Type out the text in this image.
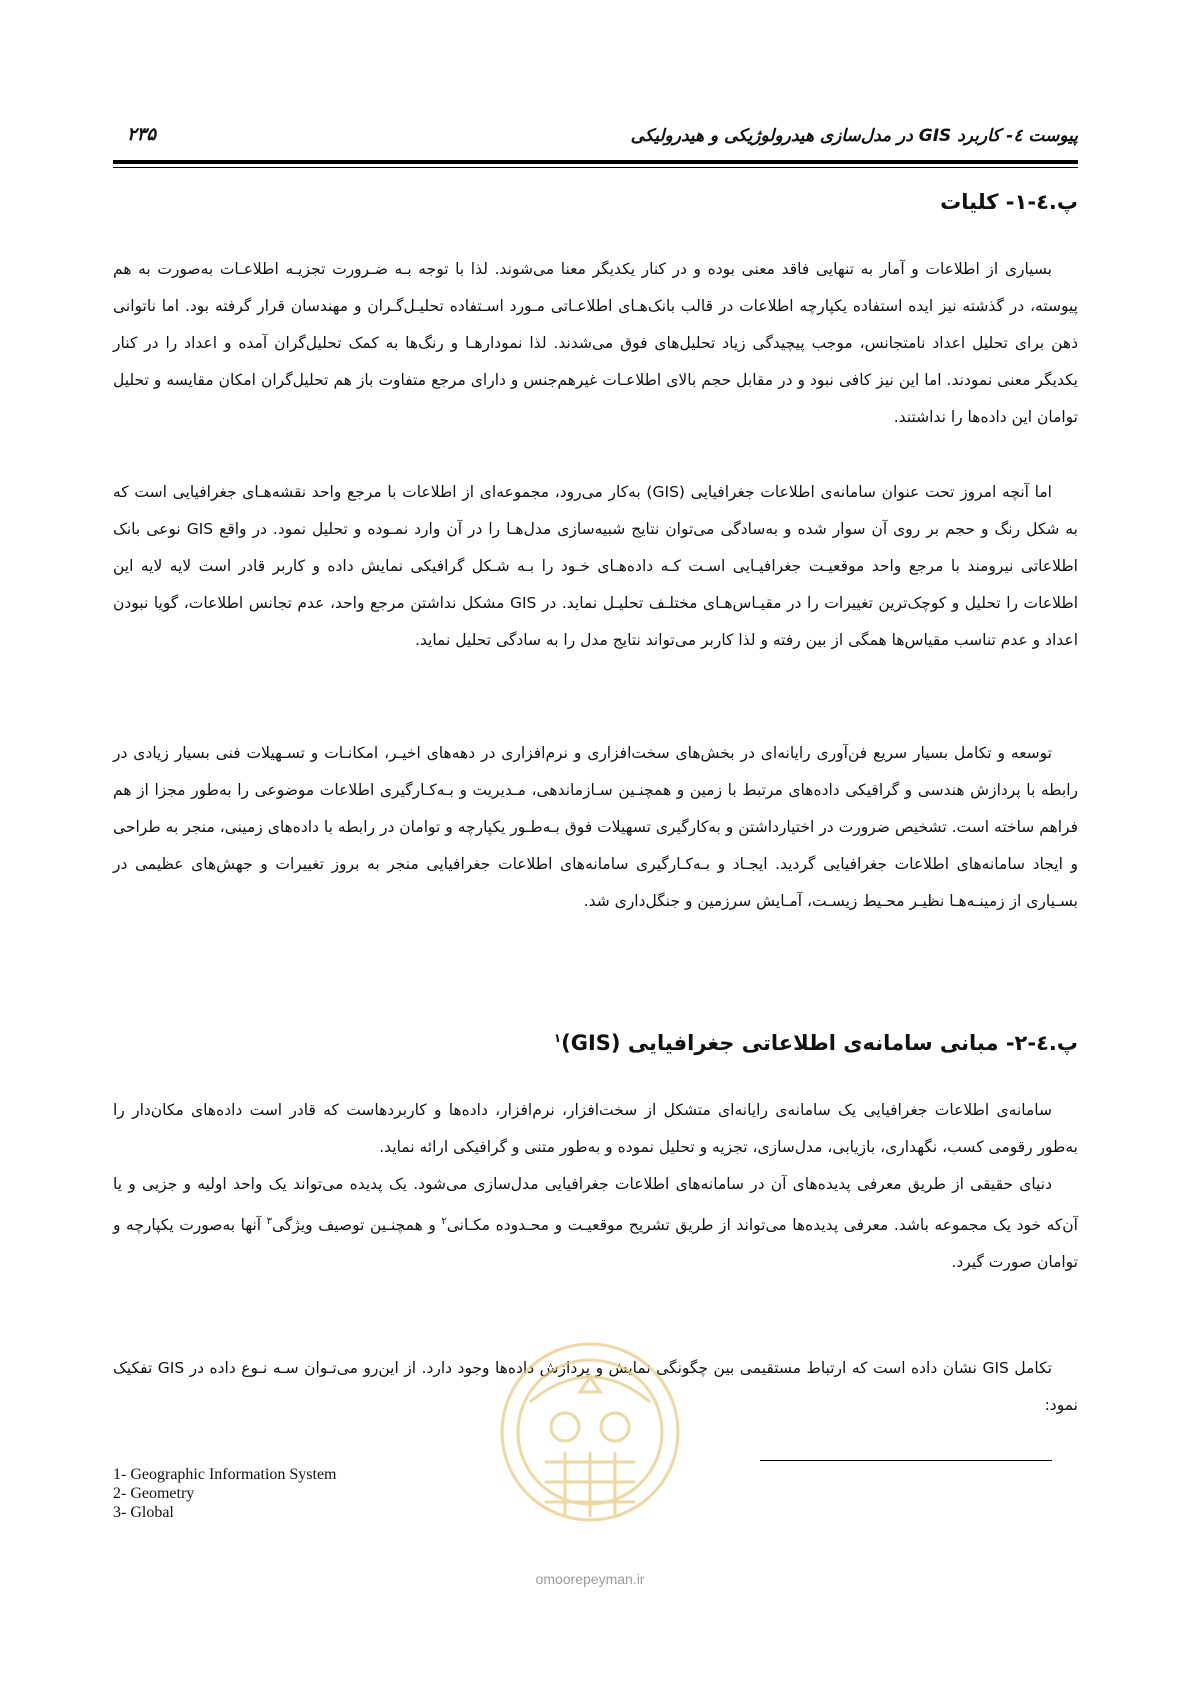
پیوست ٤- کاربرد GIS در مدل‌سازی هیدرولوژیکی و هیدرولیکی
۲۳۵
پ.٤-۱- کلیات
بسیاری از اطلاعات و آمار به تنهایی فاقد معنی بوده و در کنار یکدیگر معنا می‌شوند. لذا با توجه بـه ضـرورت تجزیـه اطلاعـات به‌صورت به هم پیوسته، در گذشته نیز ایده استفاده یکپارچه اطلاعات در قالب بانک‌هـای اطلاعـاتی مـورد اسـتفاده تحلیـل‌گـران و مهندسان قرار گرفته بود. اما ناتوانی ذهن برای تحلیل اعداد نامتجانس، موجب پیچیدگی زیاد تحلیل‌های فوق می‌شدند. لذا نمودارهـا و رنگ‌ها به کمک تحلیل‌گران آمده و اعداد را در کنار یکدیگر معنی نمودند. اما این نیز کافی نبود و در مقابل حجم بالای اطلاعـات غیرهم‌جنس و دارای مرجع متفاوت باز هم تحلیل‌گران امکان مقایسه و تحلیل توامان این داده‌ها را نداشتند.
اما آنچه امروز تحت عنوان سامانه‌ی اطلاعات جغرافیایی (GIS) به‌کار می‌رود، مجموعه‌ای از اطلاعات با مرجع واحد نقشه‌هـای جغرافیایی است که به شکل رنگ و حجم بر روی آن سوار شده و به‌سادگی می‌توان نتایج شبیه‌سازی مدل‌هـا را در آن وارد نمـوده و تحلیل نمود. در واقع GIS نوعی بانک اطلاعاتی نیرومند با مرجع واحد موقعیـت جغرافیـایی اسـت کـه داده‌هـای خـود را بـه شـکل گرافیکی نمایش داده و کاربر قادر است لایه لایه این اطلاعات را تحلیل و کوچک‌ترین تغییرات را در مقیـاس‌هـای مختلـف تحلیـل نماید. در GIS مشکل نداشتن مرجع واحد، عدم تجانس اطلاعات، گویا نبودن اعداد و عدم تناسب مقیاس‌ها همگی از بین رفته و لذا کاربر می‌تواند نتایج مدل را به سادگی تحلیل نماید.
توسعه و تکامل بسیار سریع فن‌آوری رایانه‌ای در بخش‌های سخت‌افزاری و نرم‌افزاری در دهه‌های اخیـر، امکانـات و تسـهیلات فنی بسیار زیادی در رابطه با پردازش هندسی و گرافیکی داده‌های مرتبط با زمین و همچنـین سـازماندهی، مـدیریت و بـه‌کـارگیری اطلاعات موضوعی را به‌طور مجزا از هم فراهم ساخته است. تشخیص ضرورت در اختیارداشتن و به‌کارگیری تسهیلات فوق بـه‌طـور یکپارچه و توامان در رابطه با داده‌های زمینی، منجر به طراحی و ایجاد سامانه‌های اطلاعات جغرافیایی گردید. ایجـاد و بـه‌کـارگیری سامانه‌های اطلاعات جغرافیایی منجر به بروز تغییرات و جهش‌های عظیمی در بسـیاری از زمینـه‌هـا نظیـر محـیط زیسـت، آمـایش سرزمین و جنگل‌داری شد.
پ.٤-۲- مبانی سامانه‌ی اطلاعاتی جغرافیایی (GIS)$^۱$
سامانه‌ی اطلاعات جغرافیایی یک سامانه‌ی رایانه‌ای متشکل از سخت‌افزار، نرم‌افزار، داده‌ها و کاربردهاست که قادر است داده‌های مکان‌دار را به‌طور رقومی کسب، نگهداری، بازیابی، مدل‌سازی، تجزیه و تحلیل نموده و به‌طور متنی و گرافیکی ارائه نماید.
دنیای حقیقی از طریق معرفی پدیده‌های آن در سامانه‌های اطلاعات جغرافیایی مدل‌سازی می‌شود. یک پدیده می‌تواند یک واحد اولیه و جزیی و یا آن‌که خود یک مجموعه باشد. معرفی پدیده‌ها می‌تواند از طریق تشریح موقعیـت و محـدوده مکـانی$^۲$ و همچنـین توصیف ویژگی$^۳$ آنها به‌صورت یکپارچه و توامان صورت گیرد.
تکامل GIS نشان داده است که ارتباط مستقیمی بین چگونگی نمایش و پردازش داده‌ها وجود دارد. از این‌رو می‌تـوان سـه نـوع داده در GIS تفکیک نمود:
omoorepeyman.ir
1- Geographic Information System
2- Geometry
3- Global
